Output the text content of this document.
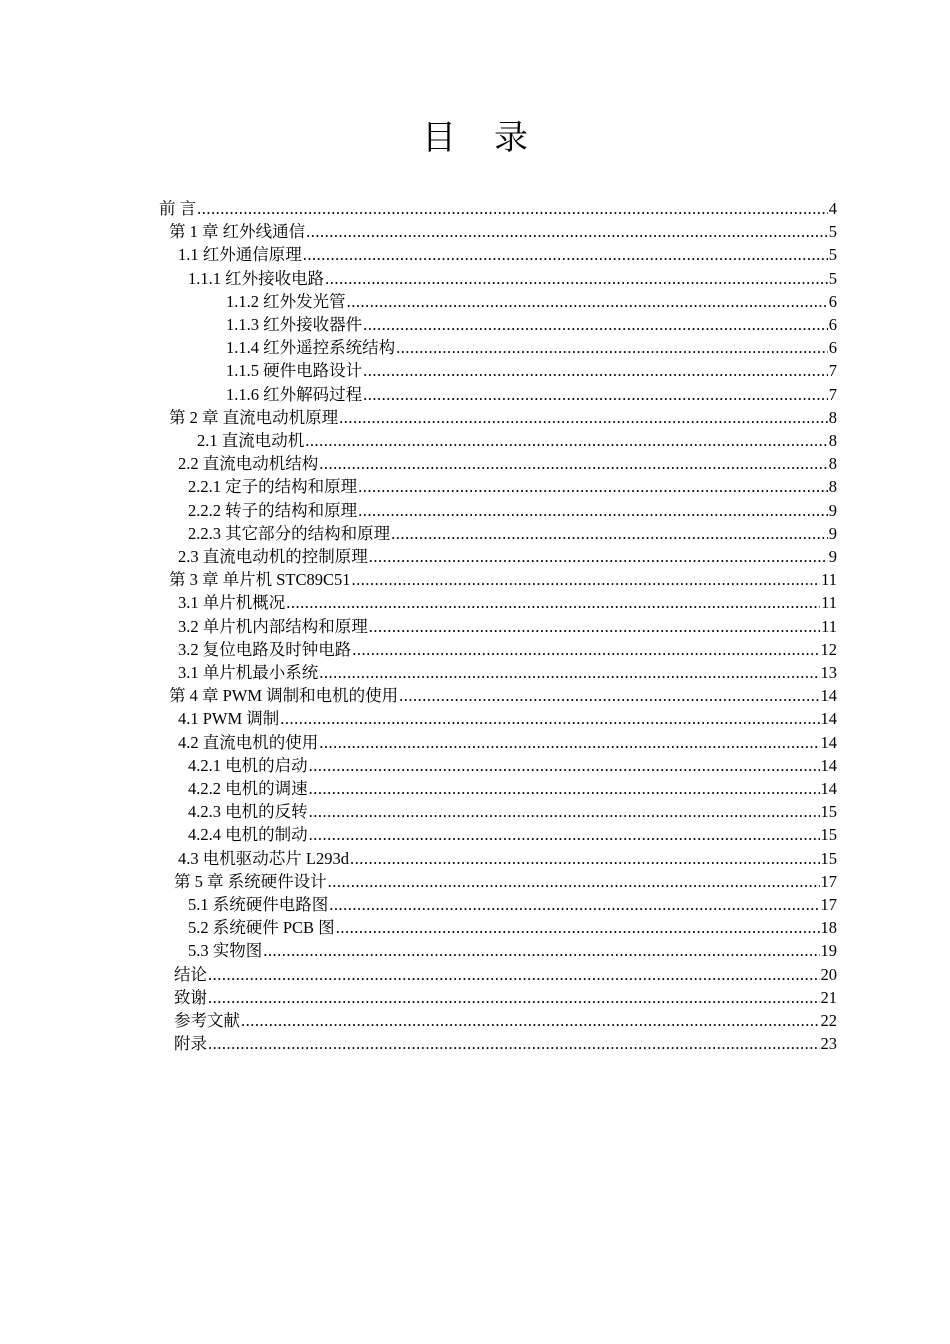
目 录
前 言 .....	4
第 1 章 红外线通信 .....	5
1.1 红外通信原理 .....	5
1.1.1 红外接收电路 .....	5
1.1.2 红外发光管 .....	6
1.1.3 红外接收器件 .....	6
1.1.4 红外遥控系统结构 .....	6
1.1.5 硬件电路设计 .....	7
1.1.6 红外解码过程 .....	7
第 2 章 直流电动机原理 .....	8
2.1 直流电动机 .....	8
2.2 直流电动机结构 .....	8
2.2.1 定子的结构和原理 .....	8
2.2.2 转子的结构和原理 .....	9
2.2.3 其它部分的结构和原理 .....	9
2.3 直流电动机的控制原理 .....	9
第 3 章 单片机 STC89C51 .....	11
3.1 单片机概况 .....	11
3.2 单片机内部结构和原理 .....	11
3.2 复位电路及时钟电路 .....	12
3.1 单片机最小系统 .....	13
第 4 章 PWM 调制和电机的使用 .....	14
4.1 PWM 调制 .....	14
4.2 直流电机的使用 .....	14
4.2.1 电机的启动 .....	14
4.2.2 电机的调速 .....	14
4.2.3 电机的反转 .....	15
4.2.4 电机的制动 .....	15
4.3 电机驱动芯片 L293d .....	15
第 5 章 系统硬件设计 .....	17
5.1 系统硬件电路图 .....	17
5.2 系统硬件 PCB 图 .....	18
5.3 实物图 .....	19
结论 .....	20
致谢 .....	21
参考文献 .....	22
附录 .....	23
